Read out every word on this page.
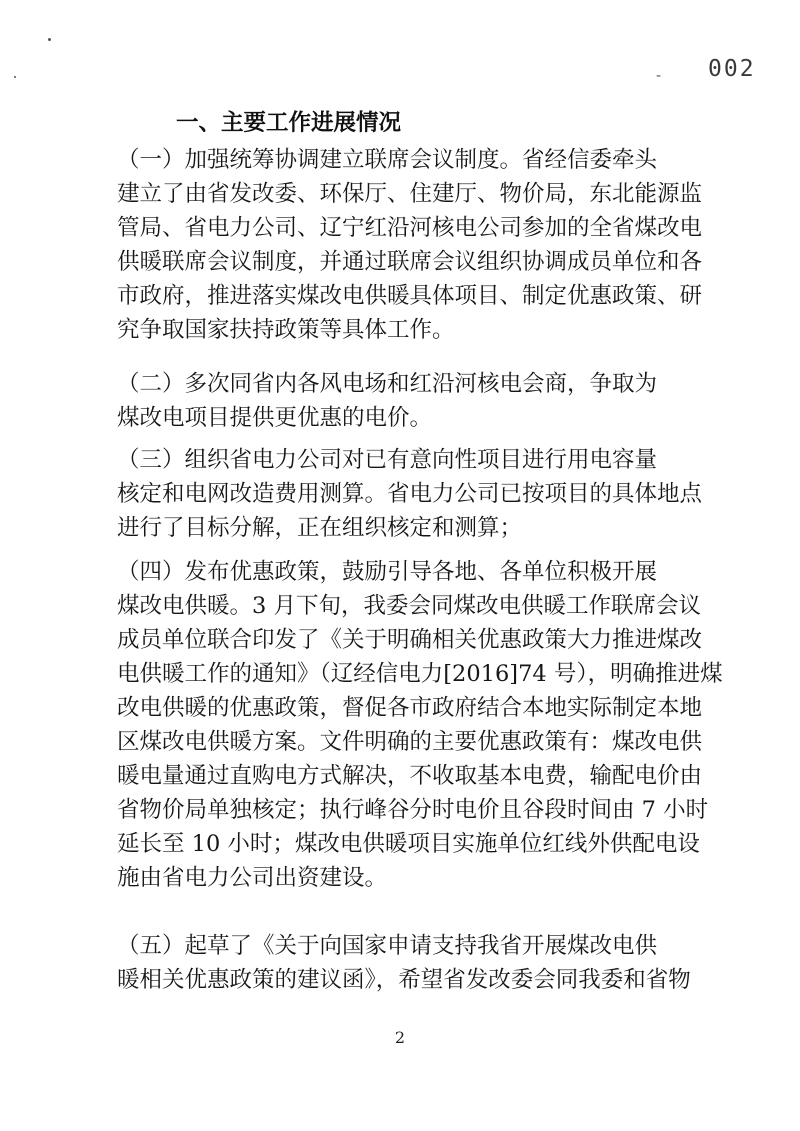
- 002
一、主要工作进展情况
（一）加强统筹协调建立联席会议制度。省经信委牵头
建立了由省发改委、环保厅、住建厅、物价局，东北能源监
管局、省电力公司、辽宁红沿河核电公司参加的全省煤改电
供暖联席会议制度，并通过联席会议组织协调成员单位和各
市政府，推进落实煤改电供暖具体项目、制定优惠政策、研
究争取国家扶持政策等具体工作。
（二）多次同省内各风电场和红沿河核电会商，争取为
煤改电项目提供更优惠的电价。
（三）组织省电力公司对已有意向性项目进行用电容量
核定和电网改造费用测算。省电力公司已按项目的具体地点
进行了目标分解，正在组织核定和测算；
（四）发布优惠政策，鼓励引导各地、各单位积极开展
煤改电供暖。3 月下旬，我委会同煤改电供暖工作联席会议
成员单位联合印发了《关于明确相关优惠政策大力推进煤改
电供暖工作的通知》（辽经信电力[2016]74 号），明确推进煤
改电供暖的优惠政策，督促各市政府结合本地实际制定本地
区煤改电供暖方案。文件明确的主要优惠政策有：煤改电供
暖电量通过直购电方式解决，不收取基本电费，输配电价由
省物价局单独核定；执行峰谷分时电价且谷段时间由 7 小时
延长至 10 小时；煤改电供暖项目实施单位红线外供配电设
施由省电力公司出资建设。
（五）起草了《关于向国家申请支持我省开展煤改电供
暖相关优惠政策的建议函》，希望省发改委会同我委和省物
2
